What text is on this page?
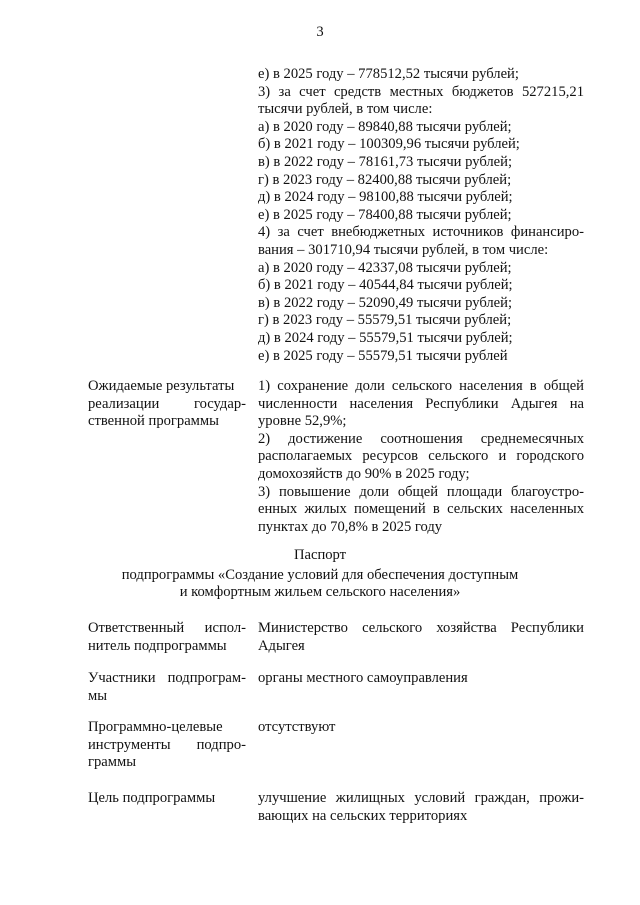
3
е) в 2025 году – 778512,52 тысячи рублей;
3) за счет средств местных бюджетов 527215,21
тысячи рублей, в том числе:
а) в 2020 году – 89840,88 тысячи рублей;
б) в 2021 году – 100309,96 тысячи рублей;
в) в 2022 году – 78161,73 тысячи рублей;
г) в 2023 году – 82400,88 тысячи рублей;
д) в 2024 году – 98100,88 тысячи рублей;
е) в 2025 году – 78400,88 тысячи рублей;
4) за счет внебюджетных источников финансиро-
вания – 301710,94 тысячи рублей, в том числе:
а) в 2020 году – 42337,08 тысячи рублей;
б) в 2021 году – 40544,84 тысячи рублей;
в) в 2022 году – 52090,49 тысячи рублей;
г) в 2023 году – 55579,51 тысячи рублей;
д) в 2024 году – 55579,51 тысячи рублей;
е) в 2025 году – 55579,51 тысячи рублей
Ожидаемые результаты
реализации государ-
ственной программы
1) сохранение доли сельского населения в общей
численности населения Республики Адыгея на
уровне 52,9%;
2) достижение соотношения среднемесячных
располагаемых ресурсов сельского и городского
домохозяйств до 90% в 2025 году;
3) повышение доли общей площади благоустро-
енных жилых помещений в сельских населенных
пунктах до 70,8% в 2025 году
Паспорт
подпрограммы «Создание условий для обеспечения доступным
и комфортным жильем сельского населения»
Ответственный испол-
нитель подпрограммы
Министерство сельского хозяйства Республики
Адыгея
Участники подпрограм-
мы
органы местного самоуправления
Программно-целевые
инструменты подпро-
граммы
отсутствуют
Цель подпрограммы	улучшение жилищных условий граждан, прожи-
вающих на сельских территориях
